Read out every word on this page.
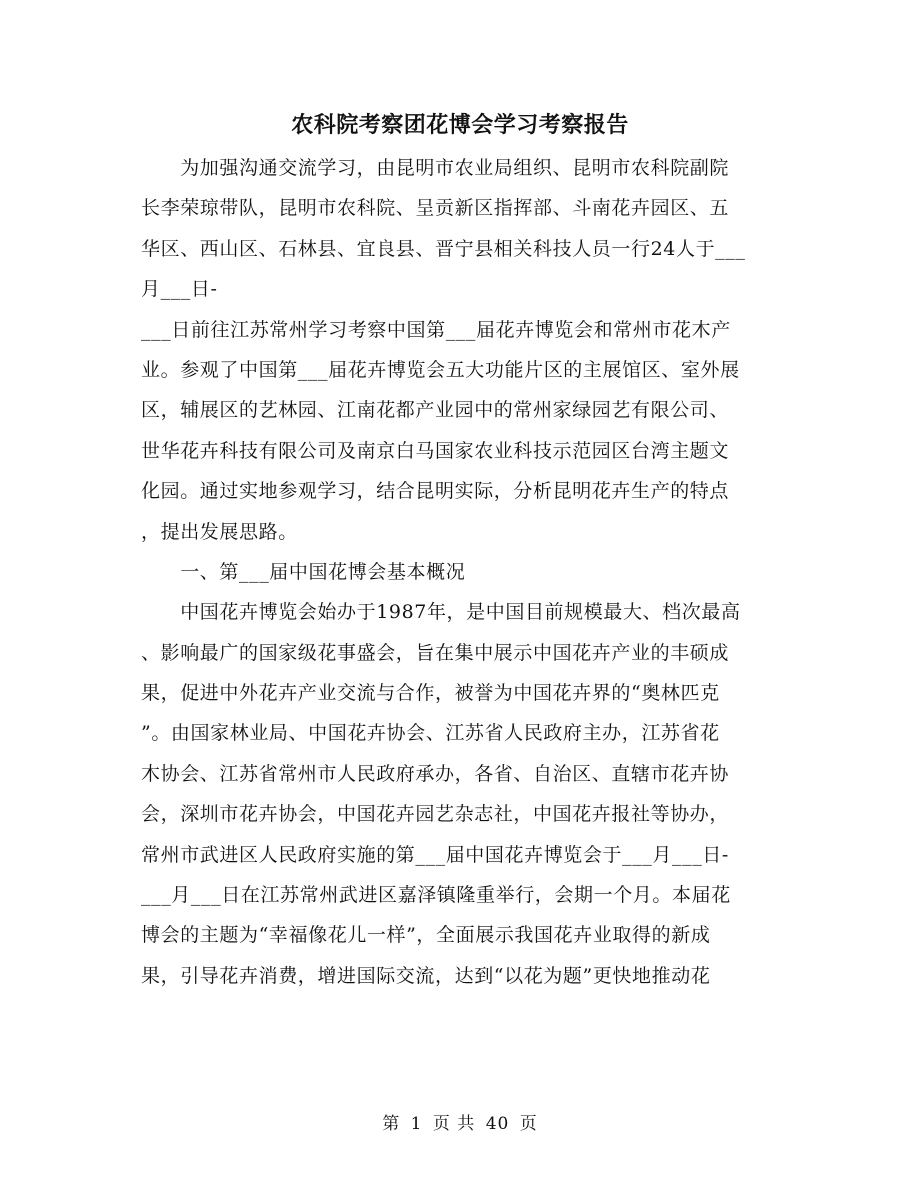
农科院考察团花博会学习考察报告
　　为加强沟通交流学习，由昆明市农业局组织、昆明市农科院副院
长李荣琼带队，昆明市农科院、呈贡新区指挥部、斗南花卉园区、五
华区、西山区、石林县、宜良县、晋宁县相关科技人员一行24人于___
月___日-
___日前往江苏常州学习考察中国第___届花卉博览会和常州市花木产
业。参观了中国第___届花卉博览会五大功能片区的主展馆区、室外展
区，辅展区的艺林园、江南花都产业园中的常州家绿园艺有限公司、
世华花卉科技有限公司及南京白马国家农业科技示范园区台湾主题文
化园。通过实地参观学习，结合昆明实际，分析昆明花卉生产的特点
，提出发展思路。
　　一、第___届中国花博会基本概况
　　中国花卉博览会始办于1987年，是中国目前规模最大、档次最高
、影响最广的国家级花事盛会，旨在集中展示中国花卉产业的丰硕成
果，促进中外花卉产业交流与合作，被誉为中国花卉界的“奥林匹克
”。由国家林业局、中国花卉协会、江苏省人民政府主办，江苏省花
木协会、江苏省常州市人民政府承办，各省、自治区、直辖市花卉协
会，深圳市花卉协会，中国花卉园艺杂志社，中国花卉报社等协办，
常州市武进区人民政府实施的第___届中国花卉博览会于___月___日-
___月___日在江苏常州武进区嘉泽镇隆重举行，会期一个月。本届花
博会的主题为“幸福像花儿一样”，全面展示我国花卉业取得的新成
果，引导花卉消费，增进国际交流，达到“以花为题”更快地推动花
第 1 页 共 40 页
